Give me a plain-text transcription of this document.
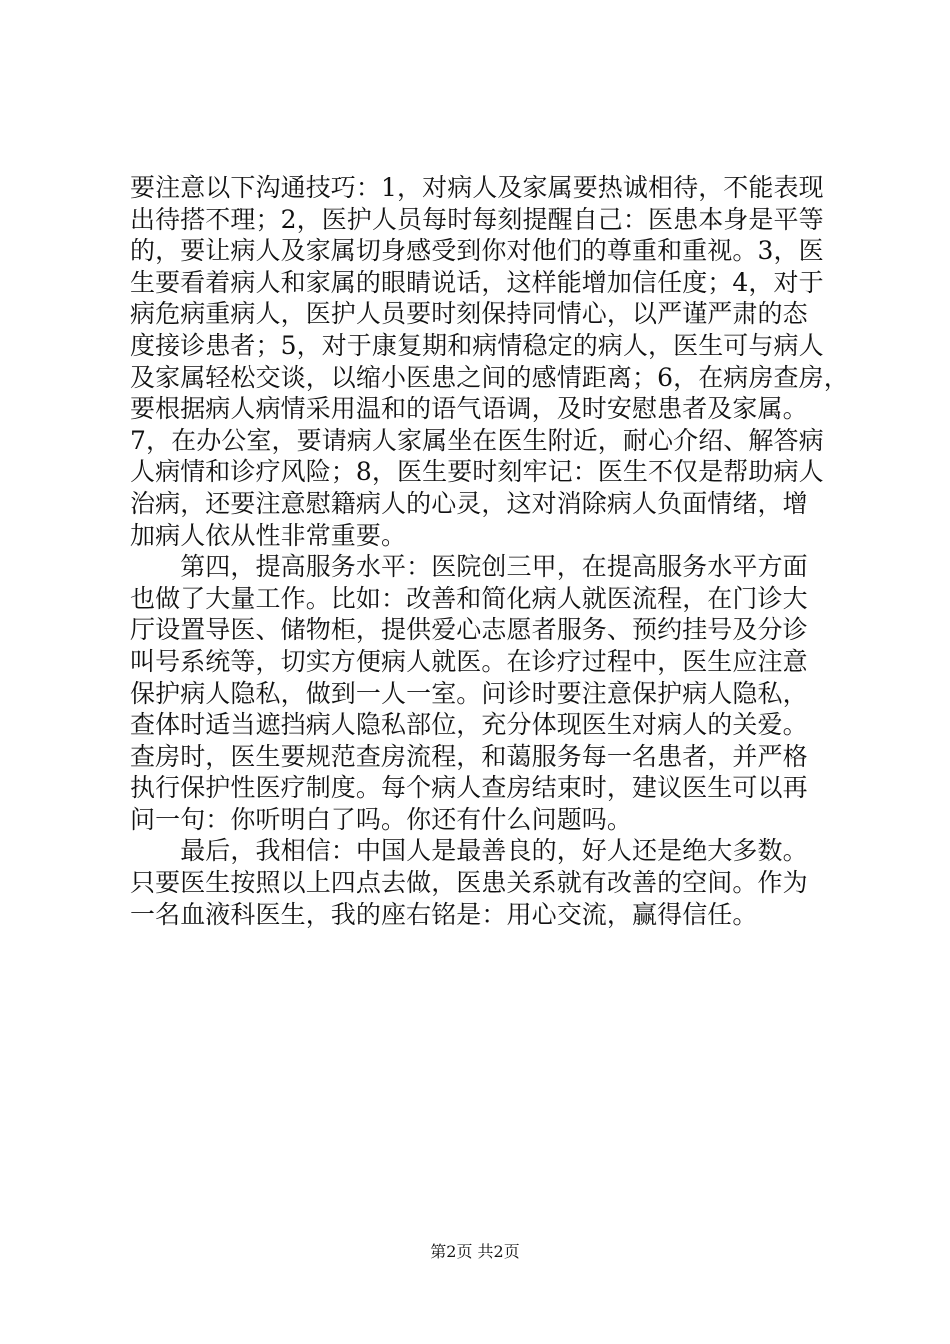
要注意以下沟通技巧：1，对病人及家属要热诚相待，不能表现
出待搭不理；2，医护人员每时每刻提醒自己：医患本身是平等
的，要让病人及家属切身感受到你对他们的尊重和重视。3，医
生要看着病人和家属的眼睛说话，这样能增加信任度；4，对于
病危病重病人，医护人员要时刻保持同情心，以严谨严肃的态
度接诊患者；5，对于康复期和病情稳定的病人，医生可与病人
及家属轻松交谈，以缩小医患之间的感情距离；6，在病房查房，
要根据病人病情采用温和的语气语调，及时安慰患者及家属。
7，在办公室，要请病人家属坐在医生附近，耐心介绍、解答病
人病情和诊疗风险；8，医生要时刻牢记：医生不仅是帮助病人
治病，还要注意慰籍病人的心灵，这对消除病人负面情绪，增
加病人依从性非常重要。
　　第四，提高服务水平：医院创三甲，在提高服务水平方面
也做了大量工作。比如：改善和简化病人就医流程，在门诊大
厅设置导医、储物柜，提供爱心志愿者服务、预约挂号及分诊
叫号系统等，切实方便病人就医。在诊疗过程中，医生应注意
保护病人隐私，做到一人一室。问诊时要注意保护病人隐私，
查体时适当遮挡病人隐私部位，充分体现医生对病人的关爱。
查房时，医生要规范查房流程，和蔼服务每一名患者，并严格
执行保护性医疗制度。每个病人查房结束时，建议医生可以再
问一句：你听明白了吗。你还有什么问题吗。
　　最后，我相信：中国人是最善良的，好人还是绝大多数。
只要医生按照以上四点去做，医患关系就有改善的空间。作为
一名血液科医生，我的座右铭是：用心交流，赢得信任。
第2页 共2页
